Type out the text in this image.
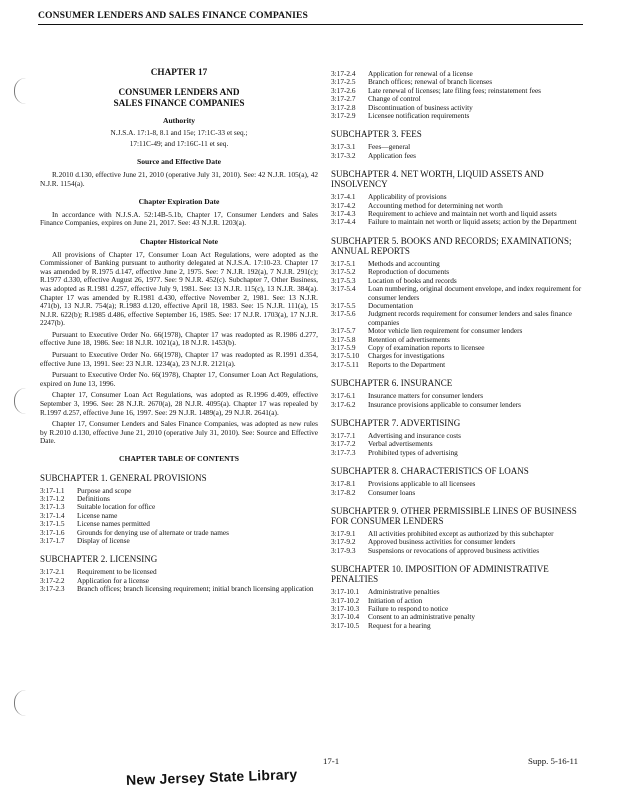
CONSUMER LENDERS AND SALES FINANCE COMPANIES
CHAPTER 17
CONSUMER LENDERS AND
SALES FINANCE COMPANIES
Authority
N.J.S.A. 17:1-8, 8.1 and 15e; 17:1C-33 et seq.;
17:11C-49; and 17:16C-11 et seq.
Source and Effective Date
R.2010 d.130, effective June 21, 2010 (operative July 31, 2010). See: 42 N.J.R. 105(a), 42 N.J.R. 1154(a).
Chapter Expiration Date
In accordance with N.J.S.A. 52:14B-5.1b, Chapter 17, Consumer Lenders and Sales Finance Companies, expires on June 21, 2017. See: 43 N.J.R. 1203(a).
Chapter Historical Note
All provisions of Chapter 17, Consumer Loan Act Regulations, were adopted as the Commissioner of Banking pursuant to authority delegated at N.J.S.A. 17:10-23. Chapter 17 was amended by R.1975 d.147, effective June 2, 1975. See: 7 N.J.R. 192(a), 7 N.J.R. 291(c); R.1977 d.330, effective August 26, 1977. See: 9 N.J.R. 452(c). Subchapter 7, Other Business, was adopted as R.1981 d.257, effective July 9, 1981. See: 13 N.J.R. 115(c), 13 N.J.R. 384(a). Chapter 17 was amended by R.1981 d.430, effective November 2, 1981. See: 13 N.J.R. 471(b), 13 N.J.R. 754(a); R.1983 d.120, effective April 18, 1983. See: 15 N.J.R. 111(a), 15 N.J.R. 622(b); R.1985 d.486, effective September 16, 1985. See: 17 N.J.R. 1703(a), 17 N.J.R. 2247(b).
Pursuant to Executive Order No. 66(1978), Chapter 17 was readopted as R.1986 d.277, effective June 18, 1986. See: 18 N.J.R. 1021(a), 18 N.J.R. 1453(b).
Pursuant to Executive Order No. 66(1978), Chapter 17 was readopted as R.1991 d.354, effective June 13, 1991. See: 23 N.J.R. 1234(a), 23 N.J.R. 2121(a).
Pursuant to Executive Order No. 66(1978), Chapter 17, Consumer Loan Act Regulations, expired on June 13, 1996.
Chapter 17, Consumer Loan Act Regulations, was adopted as R.1996 d.409, effective September 3, 1996. See: 28 N.J.R. 2670(a), 28 N.J.R. 4095(a). Chapter 17 was repealed by R.1997 d.257, effective June 16, 1997. See: 29 N.J.R. 1489(a), 29 N.J.R. 2641(a).
Chapter 17, Consumer Lenders and Sales Finance Companies, was adopted as new rules by R.2010 d.130, effective June 21, 2010 (operative July 31, 2010). See: Source and Effective Date.
CHAPTER TABLE OF CONTENTS
SUBCHAPTER 1. GENERAL PROVISIONS
3:17-1.1	Purpose and scope
3:17-1.2	Definitions
3:17-1.3	Suitable location for office
3:17-1.4	License name
3:17-1.5	License names permitted
3:17-1.6	Grounds for denying use of alternate or trade names
3:17-1.7	Display of license
SUBCHAPTER 2. LICENSING
3:17-2.1	Requirement to be licensed
3:17-2.2	Application for a license
3:17-2.3	Branch offices; branch licensing requirement; initial branch licensing application
3:17-2.4	Application for renewal of a license
3:17-2.5	Branch offices; renewal of branch licenses
3:17-2.6	Late renewal of licenses; late filing fees; reinstatement fees
3:17-2.7	Change of control
3:17-2.8	Discontinuation of business activity
3:17-2.9	Licensee notification requirements
SUBCHAPTER 3. FEES
3:17-3.1	Fees—general
3:17-3.2	Application fees
SUBCHAPTER 4. NET WORTH, LIQUID ASSETS AND INSOLVENCY
3:17-4.1	Applicability of provisions
3:17-4.2	Accounting method for determining net worth
3:17-4.3	Requirement to achieve and maintain net worth and liquid assets
3:17-4.4	Failure to maintain net worth or liquid assets; action by the Department
SUBCHAPTER 5. BOOKS AND RECORDS; EXAMINATIONS; ANNUAL REPORTS
3:17-5.1	Methods and accounting
3:17-5.2	Reproduction of documents
3:17-5.3	Location of books and records
3:17-5.4	Loan numbering, original document envelope, and index requirement for consumer lenders
3:17-5.5	Documentation
3:17-5.6	Judgment records requirement for consumer lenders and sales finance companies
3:17-5.7	Motor vehicle lien requirement for consumer lenders
3:17-5.8	Retention of advertisements
3:17-5.9	Copy of examination reports to licensee
3:17-5.10	Charges for investigations
3:17-5.11	Reports to the Department
SUBCHAPTER 6. INSURANCE
3:17-6.1	Insurance matters for consumer lenders
3:17-6.2	Insurance provisions applicable to consumer lenders
SUBCHAPTER 7. ADVERTISING
3:17-7.1	Advertising and insurance costs
3:17-7.2	Verbal advertisements
3:17-7.3	Prohibited types of advertising
SUBCHAPTER 8. CHARACTERISTICS OF LOANS
3:17-8.1	Provisions applicable to all licensees
3:17-8.2	Consumer loans
SUBCHAPTER 9. OTHER PERMISSIBLE LINES OF BUSINESS FOR CONSUMER LENDERS
3:17-9.1	All activities prohibited except as authorized by this subchapter
3:17-9.2	Approved business activities for consumer lenders
3:17-9.3	Suspensions or revocations of approved business activities
SUBCHAPTER 10. IMPOSITION OF ADMINISTRATIVE PENALTIES
3:17-10.1	Administrative penalties
3:17-10.2	Initiation of action
3:17-10.3	Failure to respond to notice
3:17-10.4	Consent to an administrative penalty
3:17-10.5	Request for a hearing
17-1	Supp. 5-16-11
New Jersey State Library
